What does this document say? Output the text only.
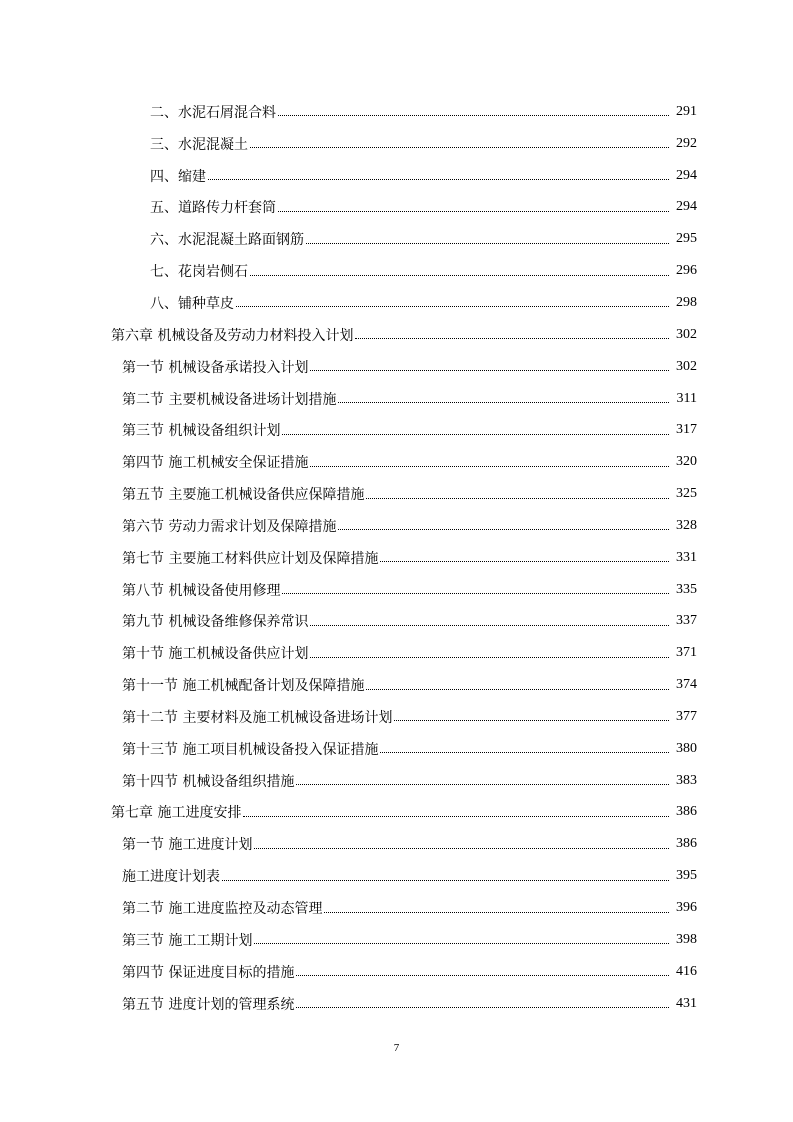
二、水泥石屑混合料	291
三、水泥混凝土	292
四、缩建	294
五、道路传力杆套筒	294
六、水泥混凝土路面钢筋	295
七、花岗岩侧石	296
八、铺种草皮	298
第六章 机械设备及劳动力材料投入计划	302
第一节 机械设备承诺投入计划	302
第二节 主要机械设备进场计划措施	311
第三节 机械设备组织计划	317
第四节 施工机械安全保证措施	320
第五节 主要施工机械设备供应保障措施	325
第六节 劳动力需求计划及保障措施	328
第七节 主要施工材料供应计划及保障措施	331
第八节 机械设备使用修理	335
第九节 机械设备维修保养常识	337
第十节 施工机械设备供应计划	371
第十一节 施工机械配备计划及保障措施	374
第十二节 主要材料及施工机械设备进场计划	377
第十三节 施工项目机械设备投入保证措施	380
第十四节 机械设备组织措施	383
第七章 施工进度安排	386
第一节 施工进度计划	386
施工进度计划表	395
第二节 施工进度监控及动态管理	396
第三节 施工工期计划	398
第四节 保证进度目标的措施	416
第五节 进度计划的管理系统	431
7
